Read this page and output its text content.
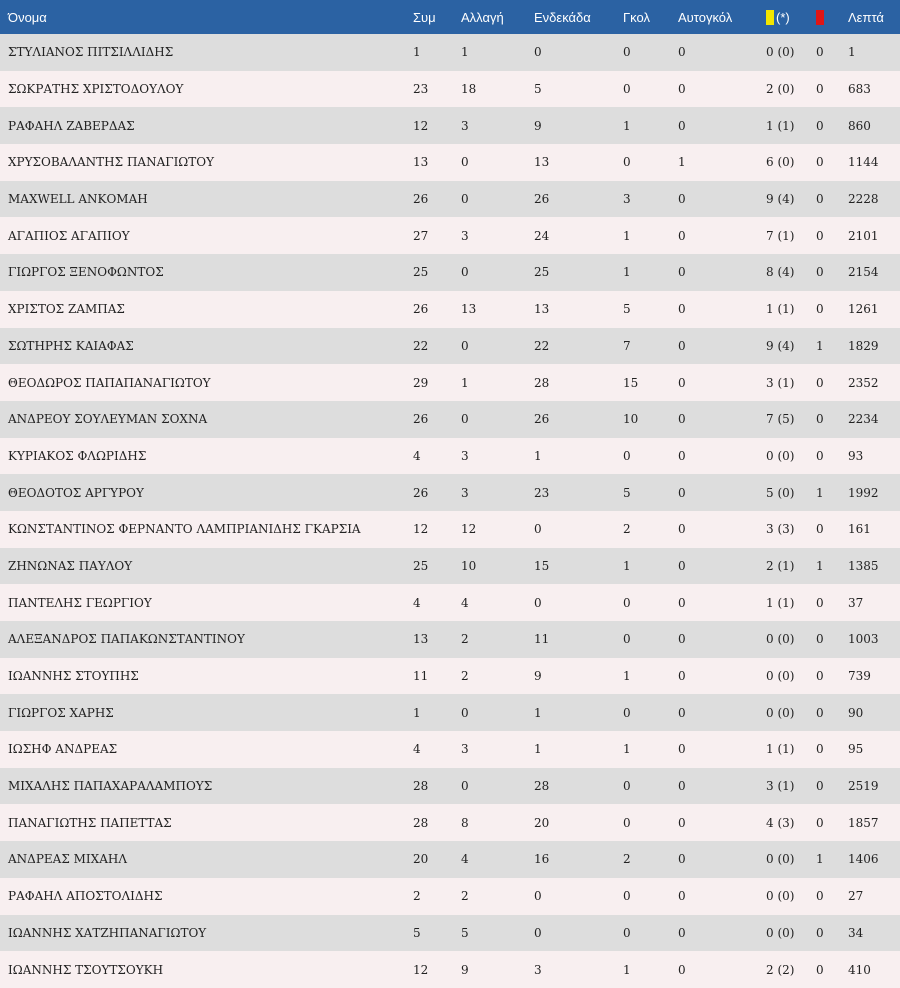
Όνομα	Συμ	Αλλαγή	Ενδεκάδα	Γκολ	Αυτογκόλ	(*)		Λεπτά
ΣΤΥΛΙΑΝΟΣ ΠΙΤΣΙΛΛΙΔΗΣ	1	1	0	0	0	0 (0)	0	1
ΣΩΚΡΑΤΗΣ ΧΡΙΣΤΟΔΟΥΛΟΥ	23	18	5	0	0	2 (0)	0	683
ΡΑΦΑΗΛ ΖΑΒΕΡΔΑΣ	12	3	9	1	0	1 (1)	0	860
ΧΡΥΣΟΒΑΛΑΝΤΗΣ ΠΑΝΑΓΙΩΤΟΥ	13	0	13	0	1	6 (0)	0	1144
MAXWELL ΑΝΚΟΜΑΗ	26	0	26	3	0	9 (4)	0	2228
ΑΓΑΠΙΟΣ ΑΓΑΠΙΟΥ	27	3	24	1	0	7 (1)	0	2101
ΓΙΩΡΓΟΣ ΞΕΝΟΦΩΝΤΟΣ	25	0	25	1	0	8 (4)	0	2154
ΧΡΙΣΤΟΣ ΖΑΜΠΑΣ	26	13	13	5	0	1 (1)	0	1261
ΣΩΤΗΡΗΣ ΚΑΙΑΦΑΣ	22	0	22	7	0	9 (4)	1	1829
ΘΕΟΔΩΡΟΣ ΠΑΠΑΠΑΝΑΓΙΩΤΟΥ	29	1	28	15	0	3 (1)	0	2352
ΑΝΔΡΕΟΥ ΣΟΥΛΕΥΜΑΝ ΣΟΧΝΑ	26	0	26	10	0	7 (5)	0	2234
ΚΥΡΙΑΚΟΣ ΦΛΩΡΙΔΗΣ	4	3	1	0	0	0 (0)	0	93
ΘΕΟΔΟΤΟΣ ΑΡΓΥΡΟΥ	26	3	23	5	0	5 (0)	1	1992
ΚΩΝΣΤΑΝΤΙΝΟΣ ΦΕΡΝΑΝΤΟ ΛΑΜΠΡΙΑΝΙΔΗΣ ΓΚΑΡΣΙΑ	12	12	0	2	0	3 (3)	0	161
ΖΗΝΩΝΑΣ ΠΑΥΛΟΥ	25	10	15	1	0	2 (1)	1	1385
ΠΑΝΤΕΛΗΣ ΓΕΩΡΓΙΟΥ	4	4	0	0	0	1 (1)	0	37
ΑΛΕΞΑΝΔΡΟΣ ΠΑΠΑΚΩΝΣΤΑΝΤΙΝΟΥ	13	2	11	0	0	0 (0)	0	1003
ΙΩΑΝΝΗΣ ΣΤΟΥΠΗΣ	11	2	9	1	0	0 (0)	0	739
ΓΙΩΡΓΟΣ ΧΑΡΗΣ	1	0	1	0	0	0 (0)	0	90
ΙΩΣΗΦ ΑΝΔΡΕΑΣ	4	3	1	1	0	1 (1)	0	95
ΜΙΧΑΛΗΣ ΠΑΠΑΧΑΡΑΛΑΜΠΟΥΣ	28	0	28	0	0	3 (1)	0	2519
ΠΑΝΑΓΙΩΤΗΣ ΠΑΠΕΤΤΑΣ	28	8	20	0	0	4 (3)	0	1857
ΑΝΔΡΕΑΣ ΜΙΧΑΗΛ	20	4	16	2	0	0 (0)	1	1406
ΡΑΦΑΗΛ ΑΠΟΣΤΟΛΙΔΗΣ	2	2	0	0	0	0 (0)	0	27
ΙΩΑΝΝΗΣ ΧΑΤΖΗΠΑΝΑΓΙΩΤΟΥ	5	5	0	0	0	0 (0)	0	34
ΙΩΑΝΝΗΣ ΤΣΟΥΤΣΟΥΚΗ	12	9	3	1	0	2 (2)	0	410
